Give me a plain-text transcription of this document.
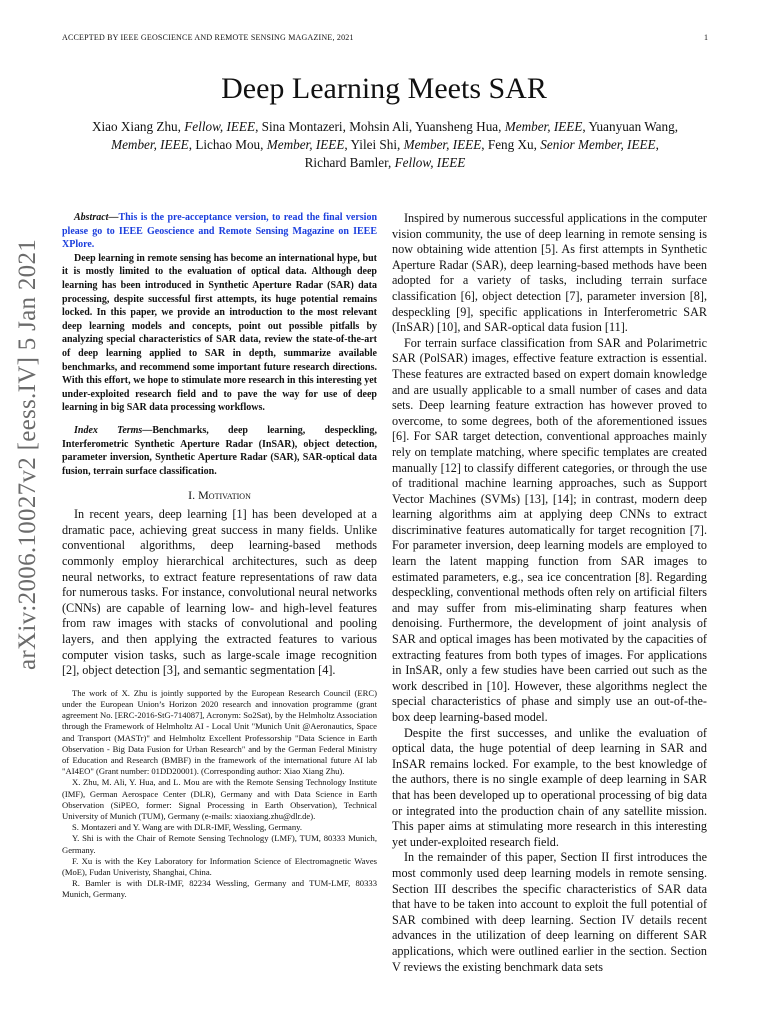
ACCEPTED BY IEEE GEOSCIENCE AND REMOTE SENSING MAGAZINE, 2021	1
arXiv:2006.10027v2 [eess.IV] 5 Jan 2021
Deep Learning Meets SAR
Xiao Xiang Zhu, Fellow, IEEE, Sina Montazeri, Mohsin Ali, Yuansheng Hua, Member, IEEE, Yuanyuan Wang, Member, IEEE, Lichao Mou, Member, IEEE, Yilei Shi, Member, IEEE, Feng Xu, Senior Member, IEEE,
Richard Bamler, Fellow, IEEE

Abstract—This is the pre-acceptance version, to read the final version please go to IEEE Geoscience and Remote Sensing Magazine on IEEE XPlore.

Deep learning in remote sensing has become an international hype, but it is mostly limited to the evaluation of optical data. Although deep learning has been introduced in Synthetic Aperture Radar (SAR) data processing, despite successful first attempts, its huge potential remains locked. In this paper, we provide an introduction to the most relevant deep learning models and concepts, point out possible pitfalls by analyzing special characteristics of SAR data, review the state-of-the-art of deep learning applied to SAR in depth, summarize available benchmarks, and recommend some important future research directions. With this effort, we hope to stimulate more research in this interesting yet under-exploited research field and to pave the way for use of deep learning in big SAR data processing workflows.

Index Terms—Benchmarks, deep learning, despeckling, Interferometric Synthetic Aperture Radar (InSAR), object detection, parameter inversion, Synthetic Aperture Radar (SAR), SAR-optical data fusion, terrain surface classification.

I. Motivation

In recent years, deep learning [1] has been developed at a dramatic pace, achieving great success in many fields. Unlike conventional algorithms, deep learning-based methods commonly employ hierarchical architectures, such as deep neural networks, to extract feature representations of raw data for numerous tasks. For instance, convolutional neural networks (CNNs) are capable of learning low- and high-level features from raw images with stacks of convolutional and pooling layers, and then applying the extracted features to various computer vision tasks, such as large-scale image recognition [2], object detection [3], and semantic segmentation [4].

The work of X. Zhu is jointly supported by the European Research Council (ERC) under the European Union’s Horizon 2020 research and innovation programme (grant agreement No. [ERC-2016-StG-714087], Acronym: So2Sat), by the Helmholtz Association through the Framework of Helmholtz AI - Local Unit "Munich Unit @Aeronautics, Space and Transport (MASTr)" and Helmholtz Excellent Professorship "Data Science in Earth Observation - Big Data Fusion for Urban Research" and by the German Federal Ministry of Education and Research (BMBF) in the framework of the international future AI lab "AI4EO" (Grant number: 01DD20001). (Corresponding author: Xiao Xiang Zhu).

X. Zhu, M. Ali, Y. Hua, and L. Mou are with the Remote Sensing Technology Institute (IMF), German Aerospace Center (DLR), Germany and with Data Science in Earth Observation (SiPEO, former: Signal Processing in Earth Observation), Technical University of Munich (TUM), Germany (e-mails: xiaoxiang.zhu@dlr.de).

S. Montazeri and Y. Wang are with DLR-IMF, Wessling, Germany.

Y. Shi is with the Chair of Remote Sensing Technology (LMF), TUM, 80333 Munich, Germany.

F. Xu is with the Key Laboratory for Information Science of Electromagnetic Waves (MoE), Fudan Univeristy, Shanghai, China.

R. Bamler is with DLR-IMF, 82234 Wessling, Germany and TUM-LMF, 80333 Munich, Germany.

Inspired by numerous successful applications in the computer vision community, the use of deep learning in remote sensing is now obtaining wide attention [5]. As first attempts in Synthetic Aperture Radar (SAR), deep learning-based methods have been adopted for a variety of tasks, including terrain surface classification [6], object detection [7], parameter inversion [8], despeckling [9], specific applications in Interferometric SAR (InSAR) [10], and SAR-optical data fusion [11].

For terrain surface classification from SAR and Polarimetric SAR (PolSAR) images, effective feature extraction is essential. These features are extracted based on expert domain knowledge and are usually applicable to a small number of cases and data sets. Deep learning feature extraction has however proved to overcome, to some degrees, both of the aforementioned issues [6]. For SAR target detection, conventional approaches mainly rely on template matching, where specific templates are created manually [12] to classify different categories, or through the use of traditional machine learning approaches, such as Support Vector Machines (SVMs) [13], [14]; in contrast, modern deep learning algorithms aim at applying deep CNNs to extract discriminative features automatically for target recognition [7]. For parameter inversion, deep learning models are employed to learn the latent mapping function from SAR images to estimated parameters, e.g., sea ice concentration [8]. Regarding despeckling, conventional methods often rely on artificial filters and may suffer from mis-eliminating sharp features when denoising. Furthermore, the development of joint analysis of SAR and optical images has been motivated by the capacities of extracting features from both types of images. For applications in InSAR, only a few studies have been carried out such as the work described in [10]. However, these algorithms neglect the special characteristics of phase and simply use an out-of-the-box deep learning-based model.

Despite the first successes, and unlike the evaluation of optical data, the huge potential of deep learning in SAR and InSAR remains locked. For example, to the best knowledge of the authors, there is no single example of deep learning in SAR that has been developed up to operational processing of big data or integrated into the production chain of any satellite mission. This paper aims at stimulating more research in this interesting yet under-exploited research field.

In the remainder of this paper, Section II first introduces the most commonly used deep learning models in remote sensing. Section III describes the specific characteristics of SAR data that have to be taken into account to exploit the full potential of SAR combined with deep learning. Section IV details recent advances in the utilization of deep learning on different SAR applications, which were outlined earlier in the section. Section V reviews the existing benchmark data sets
